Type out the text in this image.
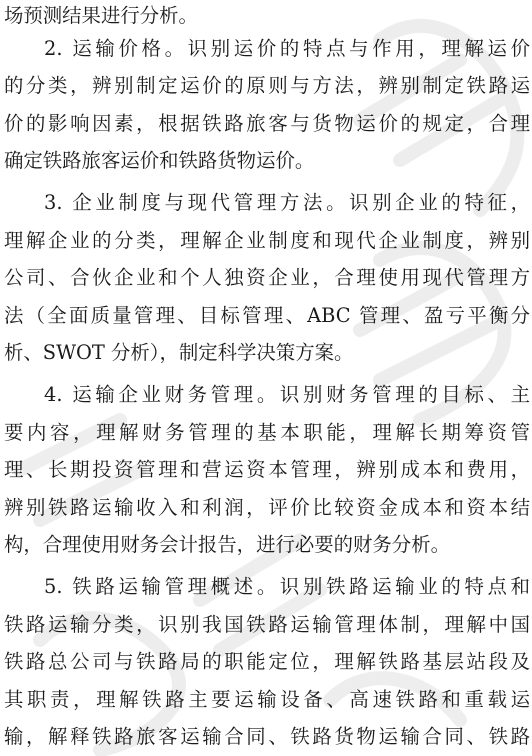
场预测结果进行分析。
2. 运输价格。识别运价的特点与作用，理解运价
的分类，辨别制定运价的原则与方法，辨别制定铁路运
价的影响因素，根据铁路旅客与货物运价的规定，合理
确定铁路旅客运价和铁路货物运价。
3. 企业制度与现代管理方法。识别企业的特征，
理解企业的分类，理解企业制度和现代企业制度，辨别
公司、合伙企业和个人独资企业，合理使用现代管理方
法（全面质量管理、目标管理、ABC 管理、盈亏平衡分
析、SWOT 分析），制定科学决策方案。
4. 运输企业财务管理。识别财务管理的目标、主
要内容，理解财务管理的基本职能，理解长期筹资管
理、长期投资管理和营运资本管理，辨别成本和费用，
辨别铁路运输收入和利润，评价比较资金成本和资本结
构，合理使用财务会计报告，进行必要的财务分析。
5. 铁路运输管理概述。识别铁路运输业的特点和
铁路运输分类，识别我国铁路运输管理体制，理解中国
铁路总公司与铁路局的职能定位，理解铁路基层站段及
其职责，理解铁路主要运输设备、高速铁路和重载运
输，解释铁路旅客运输合同、铁路货物运输合同、铁路
